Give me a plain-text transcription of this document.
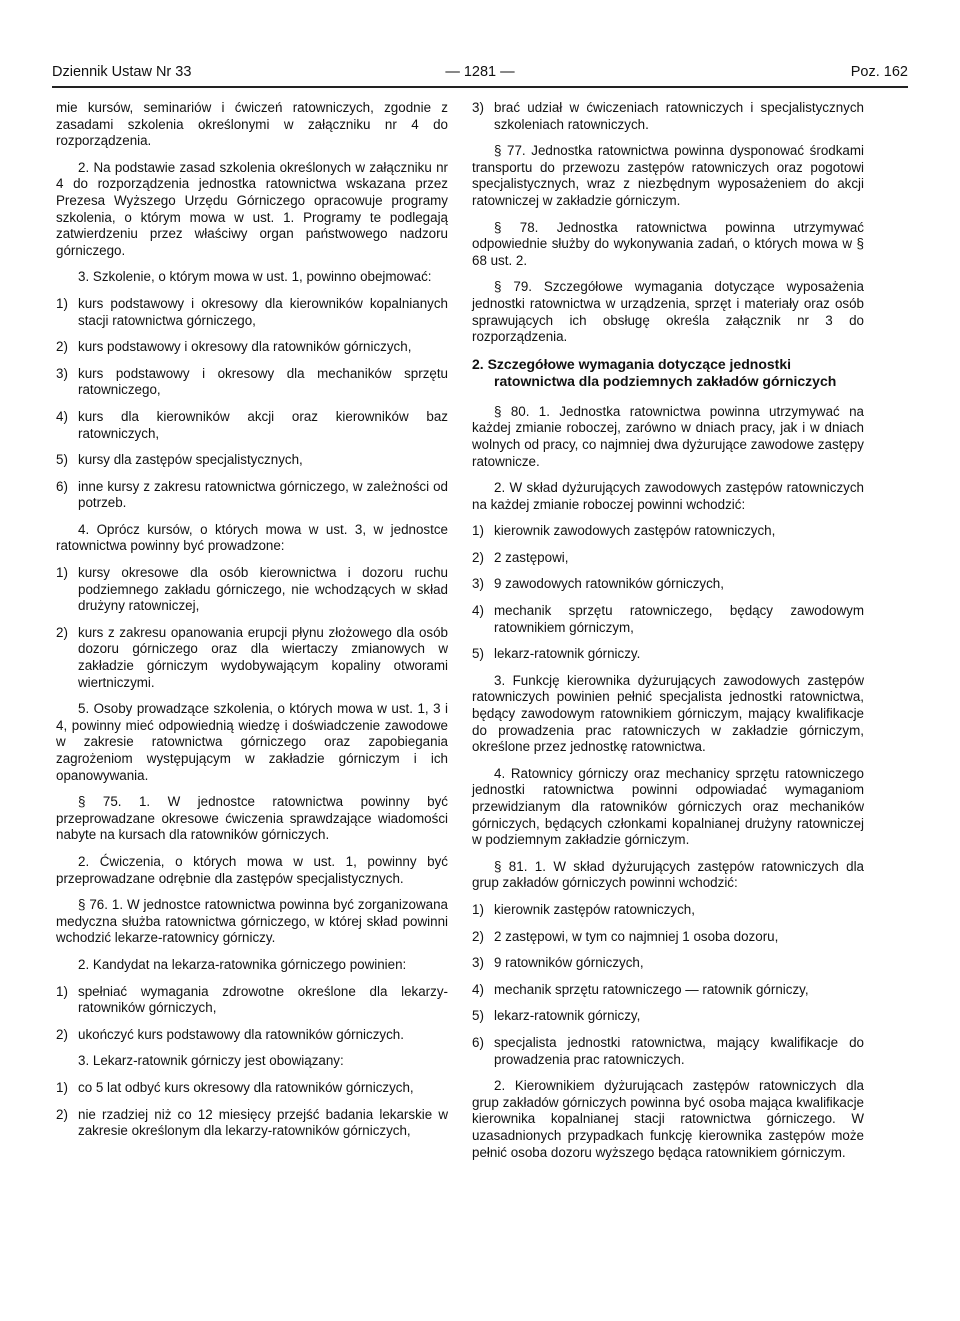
Dziennik Ustaw Nr 33	— 1281 —	Poz. 162

mie kursów, seminariów i ćwiczeń ratowniczych, zgodnie z zasadami szkolenia określonymi w załączniku nr 4 do rozporządzenia.

2. Na podstawie zasad szkolenia określonych w załączniku nr 4 do rozporządzenia jednostka ratownictwa wskazana przez Prezesa Wyższego Urzędu Górniczego opracowuje programy szkolenia, o którym mowa w ust. 1. Programy te podlegają zatwierdzeniu przez właściwy organ państwowego nadzoru górniczego.

3. Szkolenie, o którym mowa w ust. 1, powinno obejmować:

1) kurs podstawowy i okresowy dla kierowników kopalnianych stacji ratownictwa górniczego,
2) kurs podstawowy i okresowy dla ratowników górniczych,
3) kurs podstawowy i okresowy dla mechaników sprzętu ratowniczego,
4) kurs dla kierowników akcji oraz kierowników baz ratowniczych,
5) kursy dla zastępów specjalistycznych,
6) inne kursy z zakresu ratownictwa górniczego, w zależności od potrzeb.

4. Oprócz kursów, o których mowa w ust. 3, w jednostce ratownictwa powinny być prowadzone:

1) kursy okresowe dla osób kierownictwa i dozoru ruchu podziemnego zakładu górniczego, nie wchodzących w skład drużyny ratowniczej,
2) kurs z zakresu opanowania erupcji płynu złożowego dla osób dozoru górniczego oraz dla wiertaczy zmianowych w zakładzie górniczym wydobywającym kopaliny otworami wiertniczymi.

5. Osoby prowadzące szkolenia, o których mowa w ust. 1, 3 i 4, powinny mieć odpowiednią wiedzę i doświadczenie zawodowe w zakresie ratownictwa górniczego oraz zapobiegania zagrożeniom występującym w zakładzie górniczym i ich opanowywania.

§ 75. 1. W jednostce ratownictwa powinny być przeprowadzane okresowe ćwiczenia sprawdzające wiadomości nabyte na kursach dla ratowników górniczych.

2. Ćwiczenia, o których mowa w ust. 1, powinny być przeprowadzane odrębnie dla zastępów specjalistycznych.

§ 76. 1. W jednostce ratownictwa powinna być zorganizowana medyczna służba ratownictwa górniczego, w której skład powinni wchodzić lekarze-ratownicy górniczy.

2. Kandydat na lekarza-ratownika górniczego powinien:

1) spełniać wymagania zdrowotne określone dla lekarzy-ratowników górniczych,
2) ukończyć kurs podstawowy dla ratowników górniczych.

3. Lekarz-ratownik górniczy jest obowiązany:

1) co 5 lat odbyć kurs okresowy dla ratowników górniczych,
2) nie rzadziej niż co 12 miesięcy przejść badania lekarskie w zakresie określonym dla lekarzy-ratowników górniczych,
3) brać udział w ćwiczeniach ratowniczych i specjalistycznych szkoleniach ratowniczych.

§ 77. Jednostka ratownictwa powinna dysponować środkami transportu do przewozu zastępów ratowniczych oraz pogotowi specjalistycznych, wraz z niezbędnym wyposażeniem do akcji ratowniczej w zakładzie górniczym.

§ 78. Jednostka ratownictwa powinna utrzymywać odpowiednie służby do wykonywania zadań, o których mowa w § 68 ust. 2.

§ 79. Szczegółowe wymagania dotyczące wyposażenia jednostki ratownictwa w urządzenia, sprzęt i materiały oraz osób sprawujących ich obsługę określa załącznik nr 3 do rozporządzenia.

2. Szczegółowe wymagania dotyczące jednostki ratownictwa dla podziemnych zakładów górniczych

§ 80. 1. Jednostka ratownictwa powinna utrzymywać na każdej zmianie roboczej, zarówno w dniach pracy, jak i w dniach wolnych od pracy, co najmniej dwa dyżurujące zawodowe zastępy ratownicze.

2. W skład dyżurujących zawodowych zastępów ratowniczych na każdej zmianie roboczej powinni wchodzić:

1) kierownik zawodowych zastępów ratowniczych,
2) 2 zastępowi,
3) 9 zawodowych ratowników górniczych,
4) mechanik sprzętu ratowniczego, będący zawodowym ratownikiem górniczym,
5) lekarz-ratownik górniczy.

3. Funkcję kierownika dyżurujących zawodowych zastępów ratowniczych powinien pełnić specjalista jednostki ratownictwa, będący zawodowym ratownikiem górniczym, mający kwalifikacje do prowadzenia prac ratowniczych w zakładzie górniczym, określone przez jednostkę ratownictwa.

4. Ratownicy górniczy oraz mechanicy sprzętu ratowniczego jednostki ratownictwa powinni odpowiadać wymaganiom przewidzianym dla ratowników górniczych oraz mechaników górniczych, będących członkami kopalnianej drużyny ratowniczej w podziemnym zakładzie górniczym.

§ 81. 1. W skład dyżurujących zastępów ratowniczych dla grup zakładów górniczych powinni wchodzić:

1) kierownik zastępów ratowniczych,
2) 2 zastępowi, w tym co najmniej 1 osoba dozoru,
3) 9 ratowników górniczych,
4) mechanik sprzętu ratowniczego — ratownik górniczy,
5) lekarz-ratownik górniczy,
6) specjalista jednostki ratownictwa, mający kwalifikacje do prowadzenia prac ratowniczych.

2. Kierownikiem dyżurującach zastępów ratowniczych dla grup zakładów górniczych powinna być osoba mająca kwalifikacje kierownika kopalnianej stacji ratownictwa górniczego. W uzasadnionych przypadkach funkcję kierownika zastępów może pełnić osoba dozoru wyższego będąca ratownikiem górniczym.
